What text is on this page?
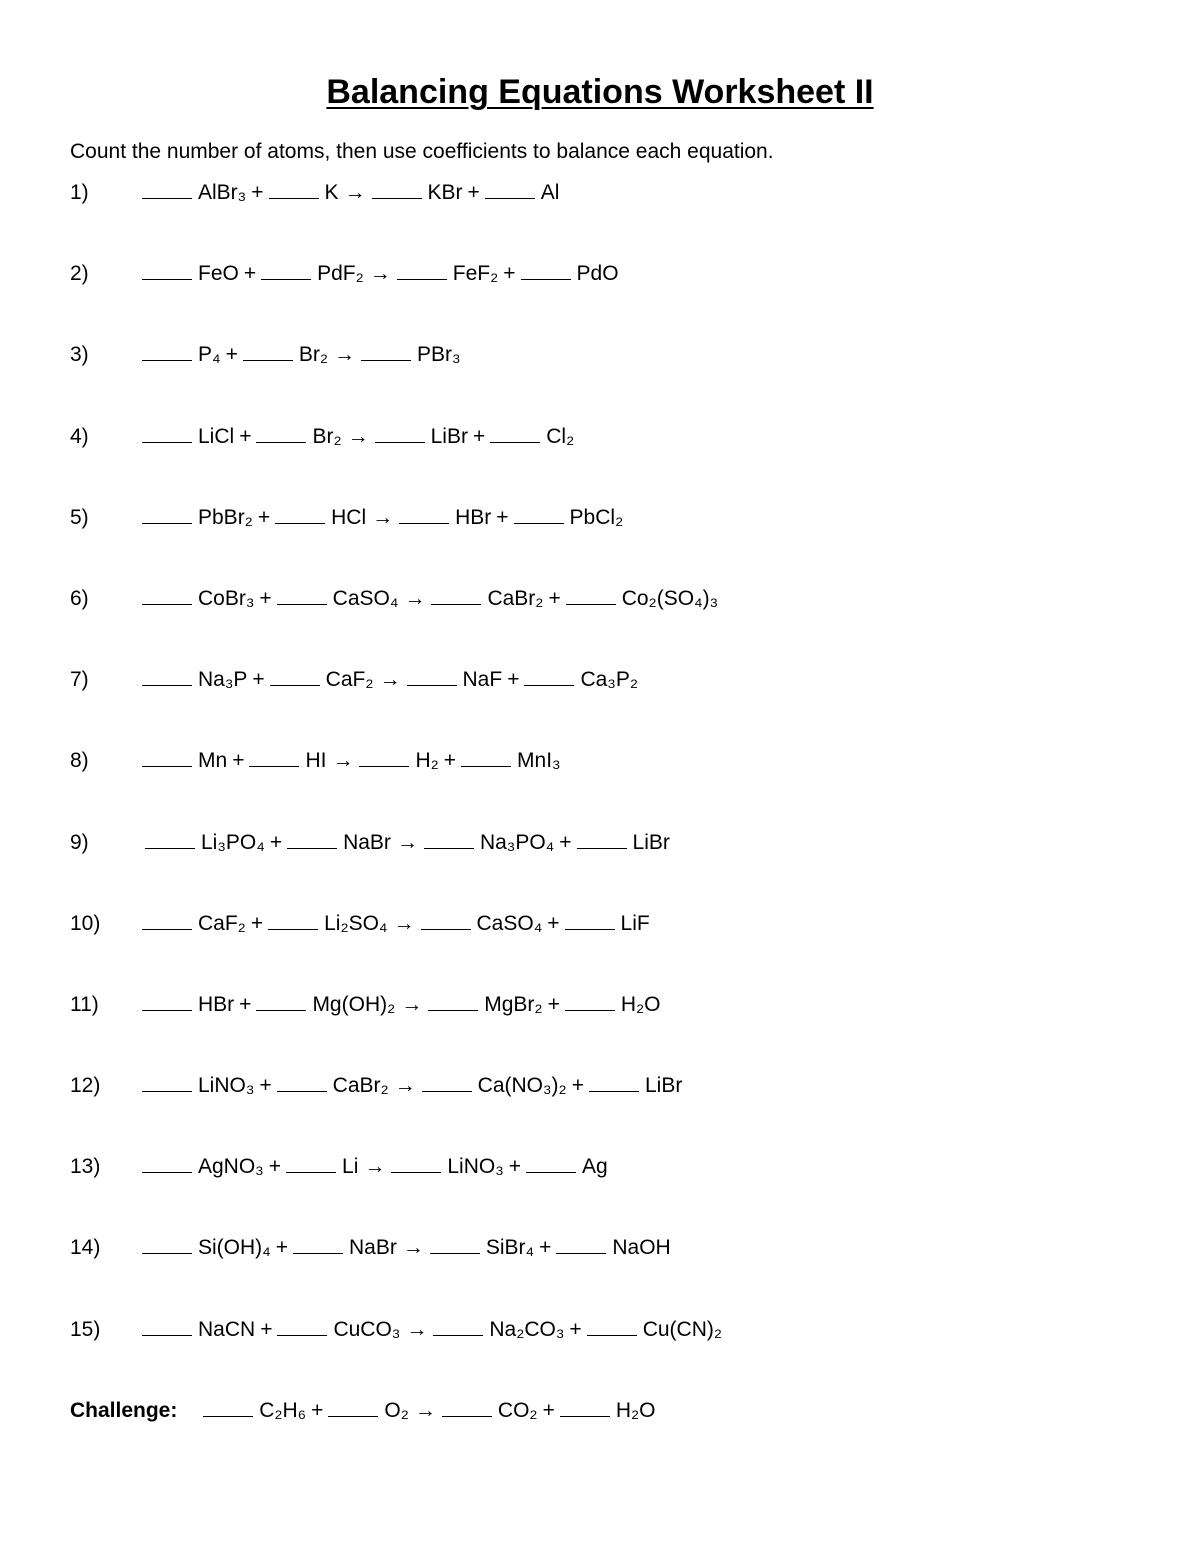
Balancing Equations Worksheet II

Count the number of atoms, then use coefficients to balance each equation.

1)	AlBr₃ +	K →	KBr +	Al
2)	FeO +	PdF₂ →	FeF₂ +	PdO
3)	P₄ +	Br₂ →	PBr₃
4)	LiCl +	Br₂ →	LiBr +	Cl₂
5)	PbBr₂ +	HCl →	HBr +	PbCl₂
6)	CoBr₃ +	CaSO₄ →	CaBr₂ +	Co₂(SO₄)₃
7)	Na₃P +	CaF₂ →	NaF +	Ca₃P₂
8)	Mn +	HI →	H₂ +	MnI₃
9)	Li₃PO₄ +	NaBr →	Na₃PO₄ +	LiBr
10)	CaF₂ +	Li₂SO₄ →	CaSO₄ +	LiF
11)	HBr +	Mg(OH)₂ →	MgBr₂ +	H₂O
12)	LiNO₃ +	CaBr₂ →	Ca(NO₃)₂ +	LiBr
13)	AgNO₃ +	Li →	LiNO₃ +	Ag
14)	Si(OH)₄ +	NaBr →	SiBr₄ +	NaOH
15)	NaCN +	CuCO₃ →	Na₂CO₃ +	Cu(CN)₂
Challenge:	C₂H₆ +	O₂ →	CO₂ +	H₂O
